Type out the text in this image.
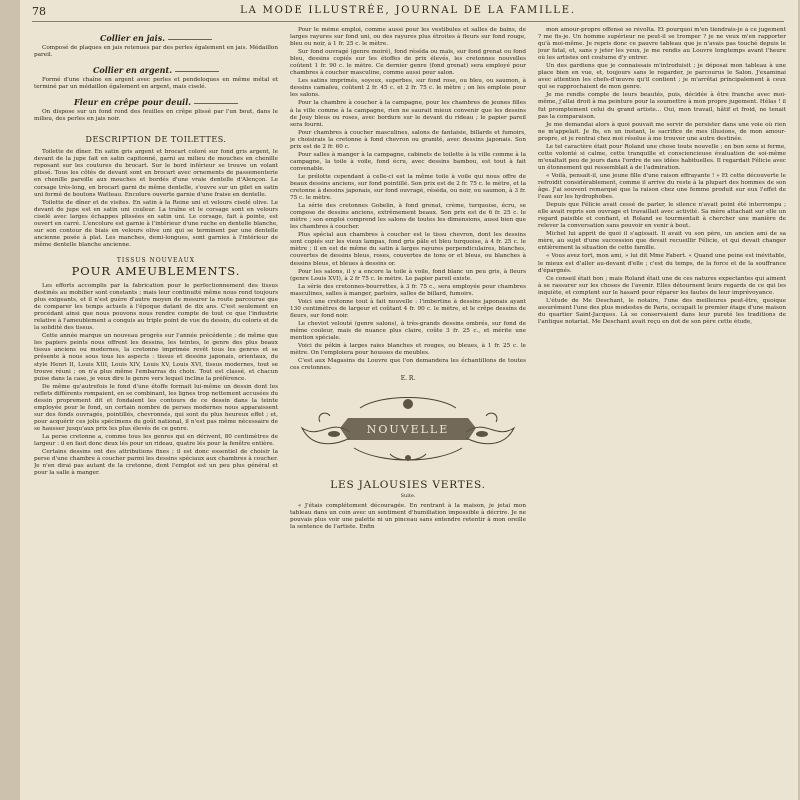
78	LA MODE ILLUSTRÉE, JOURNAL DE LA FAMILLE.
Collier en jais.

Composé de plaques en jais retenues par des perles également en jais. Médaillon pareil.

Collier en argent.

Formé d'une chaîne en argent avec perles et pendeloques en même métal et terminé par un médaillon également en argent, mais ciselé.

Fleur en crêpe pour deuil.

On dispose sur un fond rond des feuilles en crêpe plissé par l'un bout, dans le milieu, des perles en jais noir.

DESCRIPTION DE TOILETTES.

Toilette de dîner. En satin gris argent et brocart coloré sur fond gris argent, le devant de la jupe fait en satin capitonné, garni au milieu de mouches en chenille reposant sur les coutures du brocart. Sur le bord inférieur se trouve un volant plissé. Tous les côtés de devant sont en brocart avec ornements de passementerie en chenille pareille aux mouches et bordés d'une vraie dentelle d'Alençon. Le corsage très-long, en brocart garni de même dentelle, s'ouvre sur un gilet en satin uni formé de boutons Watteau. Encolure ouverte garnie d'une fraise en dentelle.

Toilette de dîner et de visites. En satin à la Reine uni et velours ciselé olive. Le devant de jupe est en satin uni couleur. La traîne et le corsage sont en velours ciselé avec larges échappes plissées en satin uni. Le corsage, fait à pointe, est ouvert en carré. L'encolure est garnie à l'intérieur d'une ruche en dentelle blanche, sur son contour de biais en velours olive uni qui se terminent par une dentelle ancienne posée à plat. Les manches, demi-longues, sont garnies à l'intérieur de même dentelle blanche ancienne.

TISSUS NOUVEAUX
POUR AMEUBLEMENTS.

Les efforts accomplis par la fabrication pour le perfectionnement des tissus destinés au mobilier sont constants ; mais leur continuité même nous rend toujours plus exigeants, et il n'est guère d'autre moyen de mesurer la route parcourue que de comparer les temps actuels à l'époque datant de dix ans. C'est seulement en procédant ainsi que nous pouvons nous rendre compte de tout ce que l'industrie relative à l'ameublement a conquis au triple point de vue du dessin, du coloris et de la solidité des tissus.

Cette année marque un nouveau progrès sur l'année précédente ; de même que les papiers peints nous offrent les dessins, les teintes, le genre des plus beaux tissus anciens ou modernes, la cretonne imprimée revêt tous les genres et se présente à nous sous tous les aspects : tissus et dessins japonais, orientaux, du style Henri II, Louis XIII, Louis XIV, Louis XV, Louis XVI, tissus modernes, tout se trouve réuni ; on n'a plus même l'embarras du choix. Tout est classé, et chacun puise dans la case, je veux dire le genre vers lequel incline la préférence.

De même qu'autrefois le fond d'une étoffe formait lui-même un dessin dont les reflets différents rompaient, en se combinant, les lignes trop nettement accusées du dessin proprement dit et fondaient les contours de ce dessin dans la teinte employée pour le fond, un certain nombre de perses modernes nous apparaissent sur des fonds ouvragés, pointillés, chevronnés, qui sont du plus heureux effet ; et, pour acquérir ces jolis spécimens du goût national, il n'est pas même nécessaire de se hausser jusqu'aux prix les plus élevés de ce genre.

La perse cretonne a, comme tous les genres qui en dérivent, 80 centimètres de largeur : il en faut donc deux lés pour un rideau, quatre lés pour la fenêtre entière.

Certains dessins ont des attributions fixes ; il est donc essentiel de choisir la perse d'une chambre à coucher parmi les dessins spéciaux aux chambres à coucher. Je n'en dirai pas autant de la cretonne, dont l'emploi est un peu plus général et pour la salle à manger.

Pour le même emploi, comme aussi pour les vestibules et salles de bains, de larges rayures sur fond uni, ou des rayures plus étroites à fleurs sur fond rouge, bleu ou noir, à 1 fr. 25 c. le mètre.

Sur fond ouvragé (genre moiré), fond réséda ou maïs, sur fond grenat ou fond bleu, dessins copiés sur les étoffes de prix élevés, les cretonnes nouvelles coûtent 1 fr. 90 c. le mètre. Ce dernier genre (fond grenat) sera employé pour chambres à coucher masculine, comme aussi pour salon.

Les satins imprimés, soyeux, superbes, sur fond rose, ou bleu, ou saumon, à dessins camaïeu, coûtent 2 fr. 45 c. et 2 fr. 75 c. le mètre ; on les emploie pour les salons.

Pour la chambre à coucher à la campagne, pour les chambres de jeunes filles à la ville comme à la campagne, rien ne saurait mieux convenir que les dessins de Jouy bleus ou roses, avec bordure sur le devant du rideau ; le papier pareil sera fourni.

Pour chambres à coucher masculines, salons de fantaisie, billards et fumoirs, je choisirais la cretonne à fond chevron ou granité, avec dessins japonais. Son prix est de 2 fr. 60 c.

Pour salles à manger à la campagne, cabinets de toilette à la ville comme à la campagne, la toile à voile, fond écru, avec dessins bambou, est tout à fait convenable.

Le prélotte cependant à celle-ci est la même toile à voile qui nous offre de beaux dessins anciens, sur fond pointillé. Son prix est de 2 fr. 75 c. le mètre, et la cretonne à dessins japonais, sur fond ouvragé, réséda, ou noir, ou saumon, à 3 fr. 75 c. le mètre.

La série des cretonnes Gobelin, à fond grenat, crème, turquoise, écru, se compose de dessins anciens, extrêmement beaux. Son prix est de 6 fr. 25 c. le mètre ; son emploi comprend les salons de toutes les dimensions, aussi bien que les chambres à coucher.

Plus spécial aux chambres à coucher est le tissu chevron, dont les dessins sont copiés sur les vieux lampas, fond gris pâle et bleu turquoise, à 4 fr. 25 c. le mètre ; il en est de même du satin à larges rayures perpendiculaires, blanches, couvertes de dessins bleus, roses, couvertes de tons or et bleus, ou blanches à dessins bleus, et bleues à dessins or.

Pour les salons, il y a encore la toile à voile, fond blanc un peu gris, à fleurs (genre Louis XVI), à 2 fr 75 c. le mètre. Le papier pareil existe.

La série des cretonnes-bourrettes, à 3 fr. 75 c., sera employée pour chambres masculines, salles à manger, parloirs, salles de billard, fumoirs.

Voici une cretonne tout à fait nouvelle : l'imbertine à dessins japonais ayant 130 centimètres de largeur et coûtant 4 fr. 90 c. le mètre, et le crêpe dessins de fleurs, sur fond noir.

Le cheviot velouté (genre salons), à très-grands dessins ombrés, sur fond de même couleur, mais de nuance plus claire, coûte 3 fr. 25 c., et mérite une mention spéciale.

Voici du pékin à larges raies blanches et rouges, ou bleues, à 1 fr. 25 c. le mètre. On l'emploiera pour housses de meubles.

C'est aux Magasins du Louvre que l'on demandera les échantillons de toutes ces cretonnes.

E. R.
NOUVELLE
LES JALOUSIES VERTES.
Suite.

« J'étais complétement découragée. En rentrant à la maison, je jetai mon tableau dans un coin avec un sentiment d'humiliation impossible à décrire. Je ne pouvais plus voir une palette ni un pinceau sans entendre retentir à mon oreille la sentence de l'artiste. Enfin

mon amour-propre offensé se révolta. Et pourquoi m'en tiendrais-je à ce jugement ? me fis-je. Un homme supérieur ne peut-il se tromper ? je ne veux m'en rapporter qu'à moi-même. Je repris donc ce pauvre tableau que je n'avais pas touché depuis le jour fatal, et, sans y jeter les yeux, je me rendis au Louvre longtemps avant l'heure où les artistes ont coutume d'y entrer.

Un des gardiens que je connaissais m'introduisit ; je déposai mon tableau à une place bien en vue, et, toujours sans le regarder, je parcourus le Salon. J'examinai avec attention les chefs-d'œuvre qu'il contient ; je m'arrêtai principalement à ceux qui se rapprochaient de mon genre.

Je me rendis compte de leurs beautés, puis, décidée à être franche avec moi-même, j'allai droit à ma peinture pour la soumettre à mon propre jugement. Hélas ! il fut promptement celui du grand artiste... Oui, mon travail, hâtif et froid, ne tenait pas la comparaison.

Je me demandai alors à quoi pouvait me servir de persister dans une voie où rien ne m'appelait. Je fis, en un instant, le sacrifice de mes illusions, de mon amour-propre, et je rentrai chez moi résolue à me trouver une autre destinée.

Le tel caractère était pour Roland une chose toute nouvelle ; en bon sens si ferme, cette volonté si calme, cette tranquille et consciencieuse évaluation de soi-même m'exaltait peu de jours dans l'ordre de ses idées habituelles. Il regardait Félicie avec un étonnement qui ressemblait à de l'admiration.

« Voilà, pensait-il, une jeune fille d'une raison effrayante ! » Et cette découverte le refroidit considérablement, comme il arrive du reste à la plupart des hommes de son âge. J'ai souvent remarqué que la raison chez une femme produit sur eux l'effet de l'eau sur les hydrophobes.

Depuis que Félicie avait cessé de parler, le silence n'avait point été interrompu ; elle avait repris son ouvrage et travaillait avec activité. Sa mère attachait sur elle un regard paisible et confiant, et Roland se tourmentait à chercher une manière de relever la conversation sans pouvoir en venir à bout.

Michel lui apprit de quoi il s'agissait. Il avait vu son père, un ancien ami de sa mère, au sujet d'une succession que devait recueillir Félicie, et qui devait changer entièrement la situation de cette famille.

« Vous avez tort, mon ami, » lui dit Mme Fabert. « Quand une peine est inévitable, le mieux est d'aller au-devant d'elle ; c'est du temps, de la force et de la souffrance d'épargnés.

Ce conseil était bon ; mais Roland était une de ces natures expectantes qui aiment à se rassurer sur les choses de l'avenir. Elles détournent leurs regards de ce qui les inquiète, et comptent sur le hasard pour réparer les fautes de leur imprévoyance.

L'étude de Me Deschant, le notaire, l'une des meilleures peut-être, quoique assurément l'une des plus modestes de Paris, occupait le premier étage d'une maison du quartier Saint-Jacques. Là se conservaient dans leur pureté les traditions de l'antique notariat. Me Deschant avait reçu en dot de son père cette étude,
